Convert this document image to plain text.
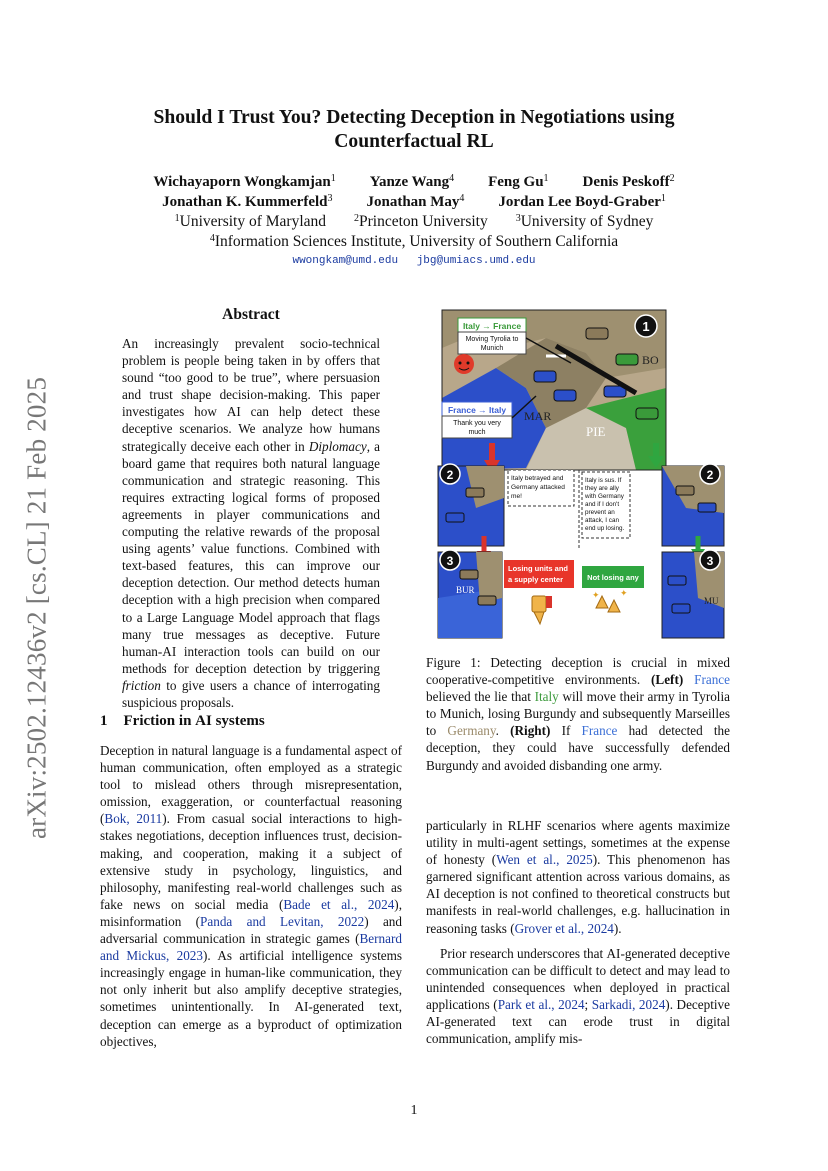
arXiv:2502.12436v2 [cs.CL] 21 Feb 2025
Should I Trust You? Detecting Deception in Negotiations using
Counterfactual RL
Wichayaporn Wongkamjan$^1$ Yanze Wang$^4$ Feng Gu$^1$ Denis Peskoff$^2$
Jonathan K. Kummerfeld$^3$ Jonathan May$^4$ Jordan Lee Boyd-Graber$^1$
$^1$University of Maryland	$^2$Princeton University	$^3$University of Sydney
$^4$Information Sciences Institute, University of Southern California
wwongkam@umd.edu jbg@umiacs.umd.edu
Abstract
An increasingly prevalent socio-technical problem is people being taken in by offers that sound “too good to be true”, where persuasion and trust shape decision-making. This paper investigates how AI can help detect these deceptive scenarios. We analyze how humans strategically deceive each other in Diplomacy, a board game that requires both natural language communication and strategic reasoning. This requires extracting logical forms of proposed agreements in player communications and computing the relative rewards of the proposal using agents’ value functions. Combined with text-based features, this can improve our deception detection. Our method detects human deception with a high precision when compared to a Large Language Model approach that flags many true messages as deceptive. Future human-AI interaction tools can build on our methods for deception detection by triggering friction to give users a chance of interrogating suspicious proposals.
1 Friction in AI systems

Deception in natural language is a fundamental aspect of human communication, often employed as a strategic tool to mislead others through misrepresentation, omission, exaggeration, or counterfactual reasoning (Bok, 2011). From casual social interactions to high-stakes negotiations, deception influences trust, decision-making, and cooperation, making it a subject of extensive study in psychology, linguistics, and philosophy, manifesting real-world challenges such as fake news on social media (Bade et al., 2024), misinformation (Panda and Levitan, 2022) and adversarial communication in strategic games (Bernard and Mickus, 2023). As artificial intelligence systems increasingly engage in human-like communication, they not only inherit but also amplify deceptive strategies, sometimes unintentionally. In AI-generated text, deception can emerge as a byproduct of optimization objectives,

PIE
MAR
BO
1
Italy → France
Moving Tyrolia to
Munich
France → Italy
Thank you very
much
2	2
Italy betrayed and
Germany attacked
me!
Italy is sus. If
they are ally
with Germany
and if I don't
prevent an
attack, I can
end up losing.
BUR
3
MU
3
Losing units and
a supply center	Not losing any
✦ ✦
Figure 1: Detecting deception is crucial in mixed cooperative-competitive environments. (Left) France believed the lie that Italy will move their army in Tyrolia to Munich, losing Burgundy and subsequently Marseilles to Germany. (Right) If France had detected the deception, they could have successfully defended Burgundy and avoided disbanding one army.

particularly in RLHF scenarios where agents maximize utility in multi-agent settings, sometimes at the expense of honesty (Wen et al., 2025). This phenomenon has garnered significant attention across various domains, as AI deception is not confined to theoretical constructs but manifests in real-world challenges, e.g. hallucination in reasoning tasks (Grover et al., 2024).

Prior research underscores that AI-generated deceptive communication can be difficult to detect and may lead to unintended consequences when deployed in practical applications (Park et al., 2024; Sarkadi, 2024). Deceptive AI-generated text can erode trust in digital communication, amplify mis-

1
